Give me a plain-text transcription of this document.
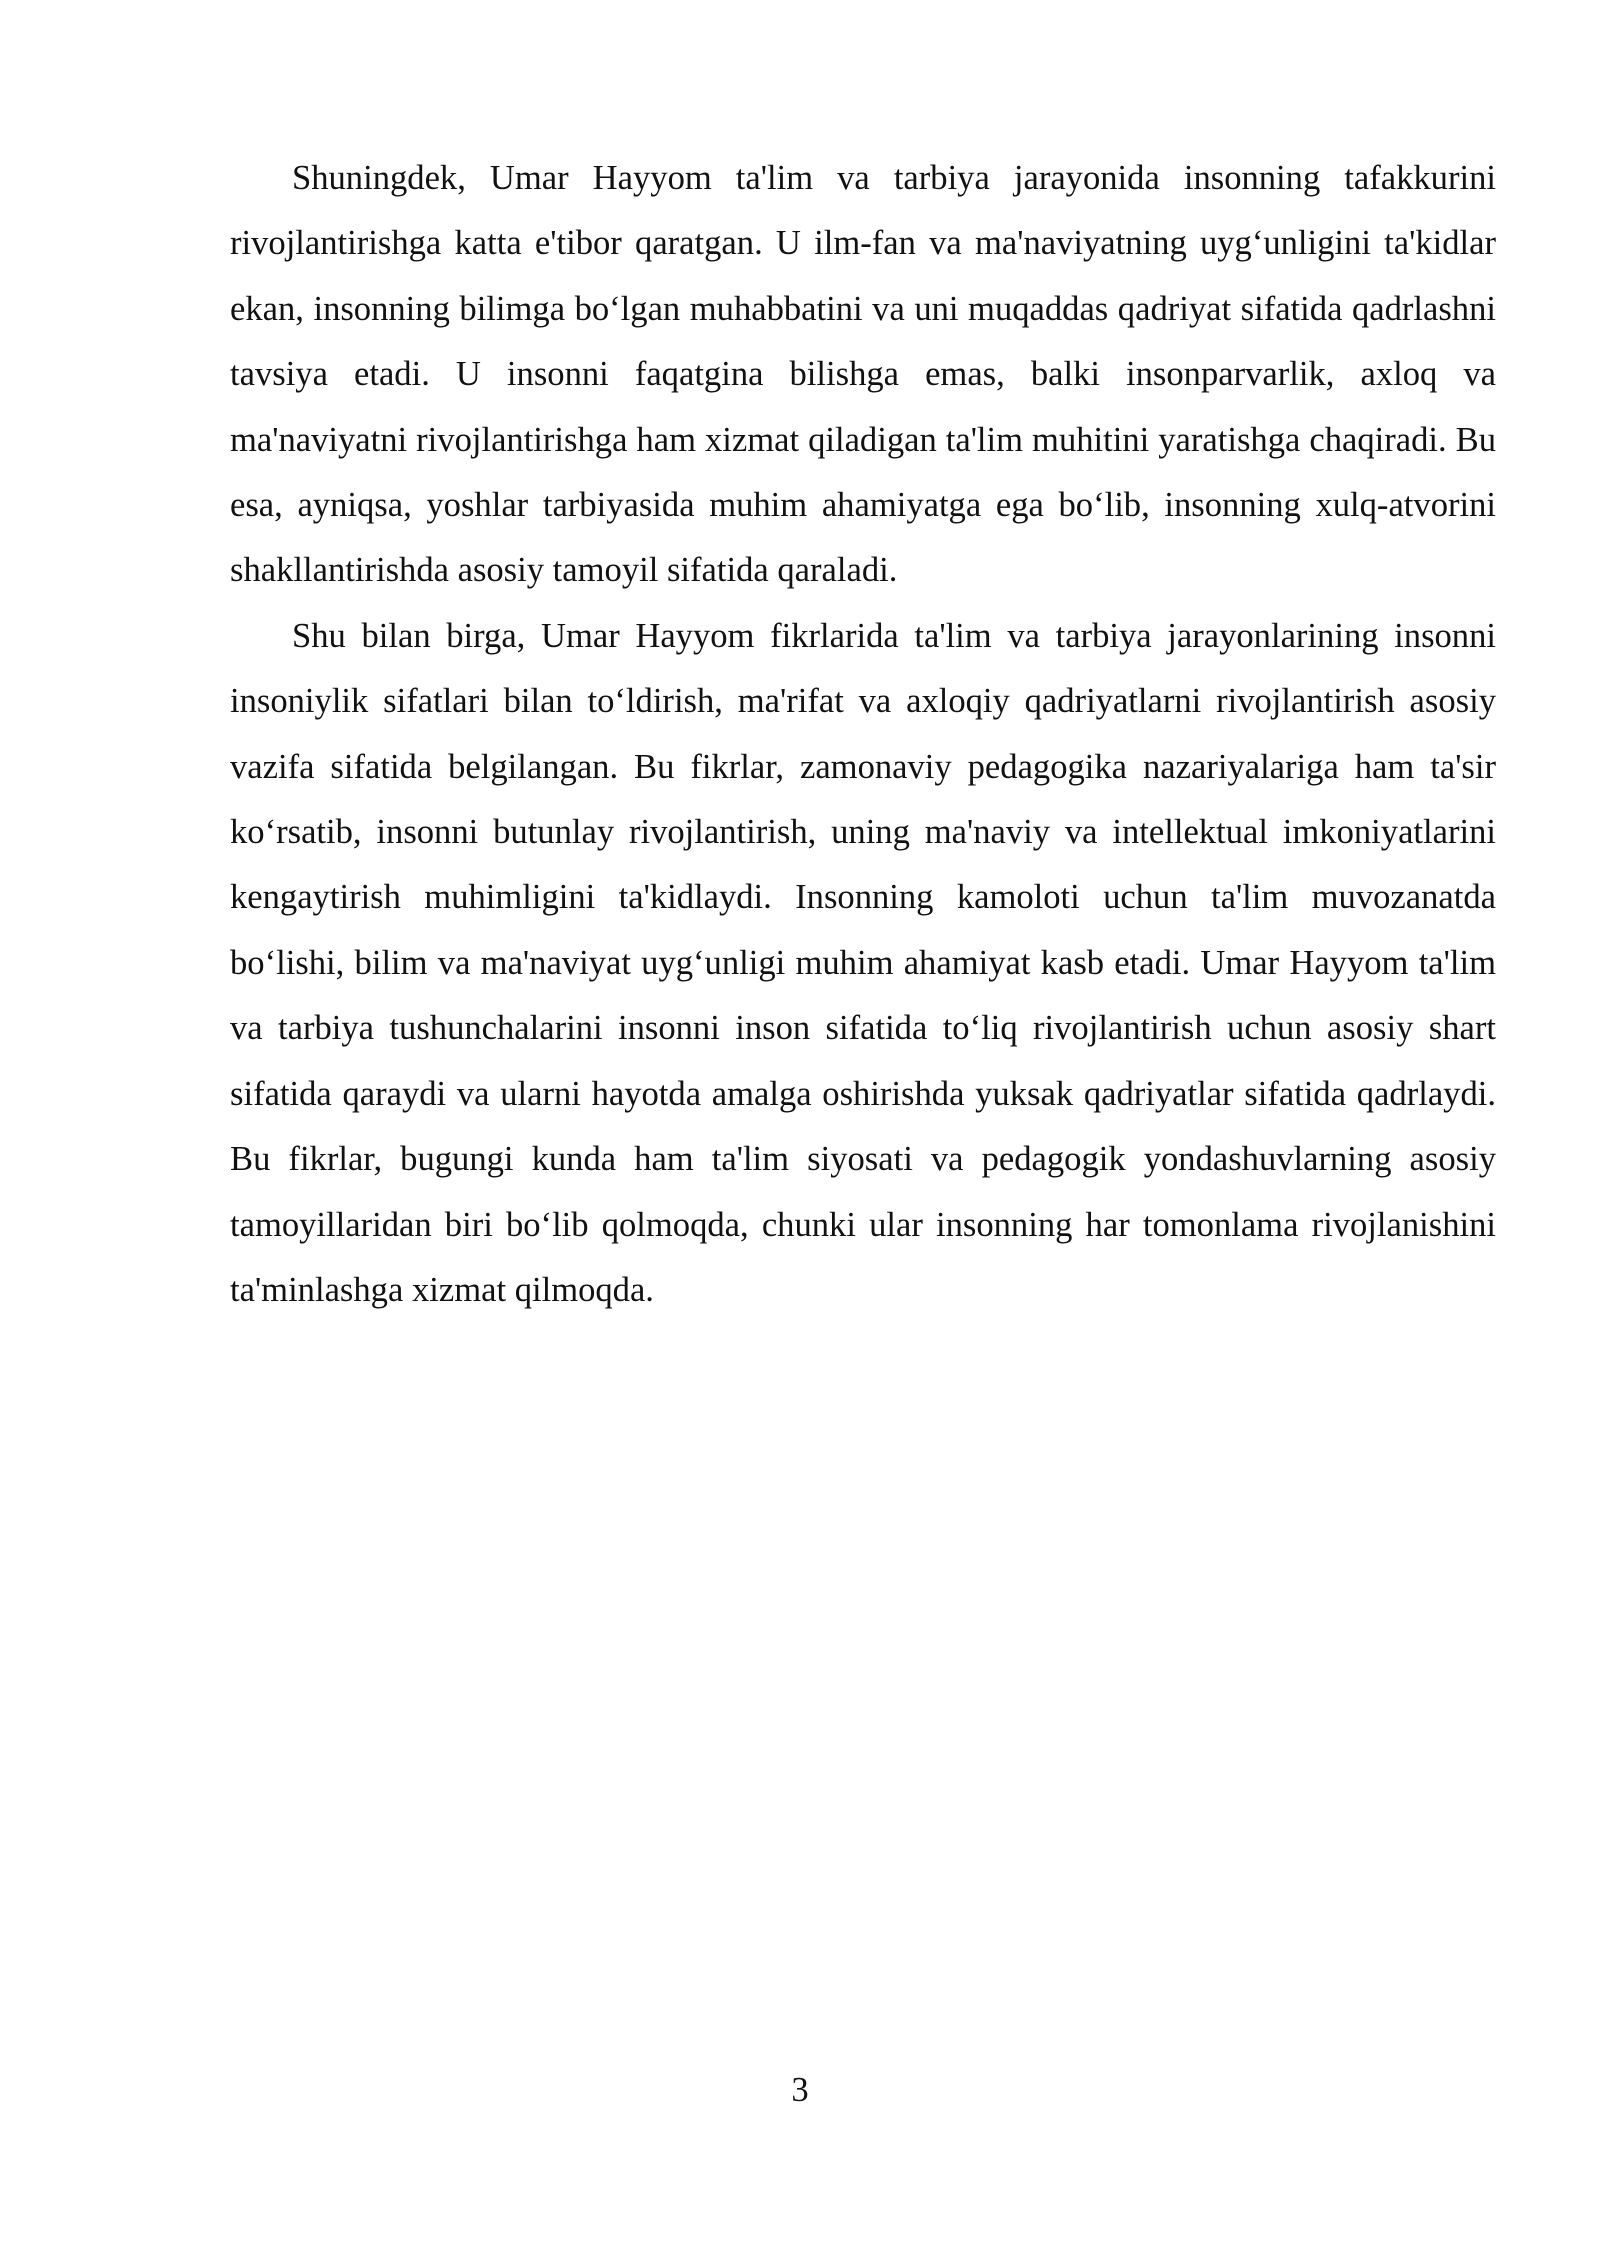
Shuningdek, Umar Hayyom ta'lim va tarbiya jarayonida insonning tafakkurini rivojlantirishga katta e'tibor qaratgan. U ilm-fan va ma'naviyatning uyg‘unligini ta'kidlar ekan, insonning bilimga bo‘lgan muhabbatini va uni muqaddas qadriyat sifatida qadrlashni tavsiya etadi. U insonni faqatgina bilishga emas, balki insonparvarlik, axloq va ma'naviyatni rivojlantirishga ham xizmat qiladigan ta'lim muhitini yaratishga chaqiradi. Bu esa, ayniqsa, yoshlar tarbiyasida muhim ahamiyatga ega bo‘lib, insonning xulq-atvorini shakllantirishda asosiy tamoyil sifatida qaraladi.

Shu bilan birga, Umar Hayyom fikrlarida ta'lim va tarbiya jarayonlarining insonni insoniylik sifatlari bilan to‘ldirish, ma'rifat va axloqiy qadriyatlarni rivojlantirish asosiy vazifa sifatida belgilangan. Bu fikrlar, zamonaviy pedagogika nazariyalariga ham ta'sir ko‘rsatib, insonni butunlay rivojlantirish, uning ma'naviy va intellektual imkoniyatlarini kengaytirish muhimligini ta'kidlaydi. Insonning kamoloti uchun ta'lim muvozanatda bo‘lishi, bilim va ma'naviyat uyg‘unligi muhim ahamiyat kasb etadi. Umar Hayyom ta'lim va tarbiya tushunchalarini insonni inson sifatida to‘liq rivojlantirish uchun asosiy shart sifatida qaraydi va ularni hayotda amalga oshirishda yuksak qadriyatlar sifatida qadrlaydi. Bu fikrlar, bugungi kunda ham ta'lim siyosati va pedagogik yondashuvlarning asosiy tamoyillaridan biri bo‘lib qolmoqda, chunki ular insonning har tomonlama rivojlanishini ta'minlashga xizmat qilmoqda.

3
